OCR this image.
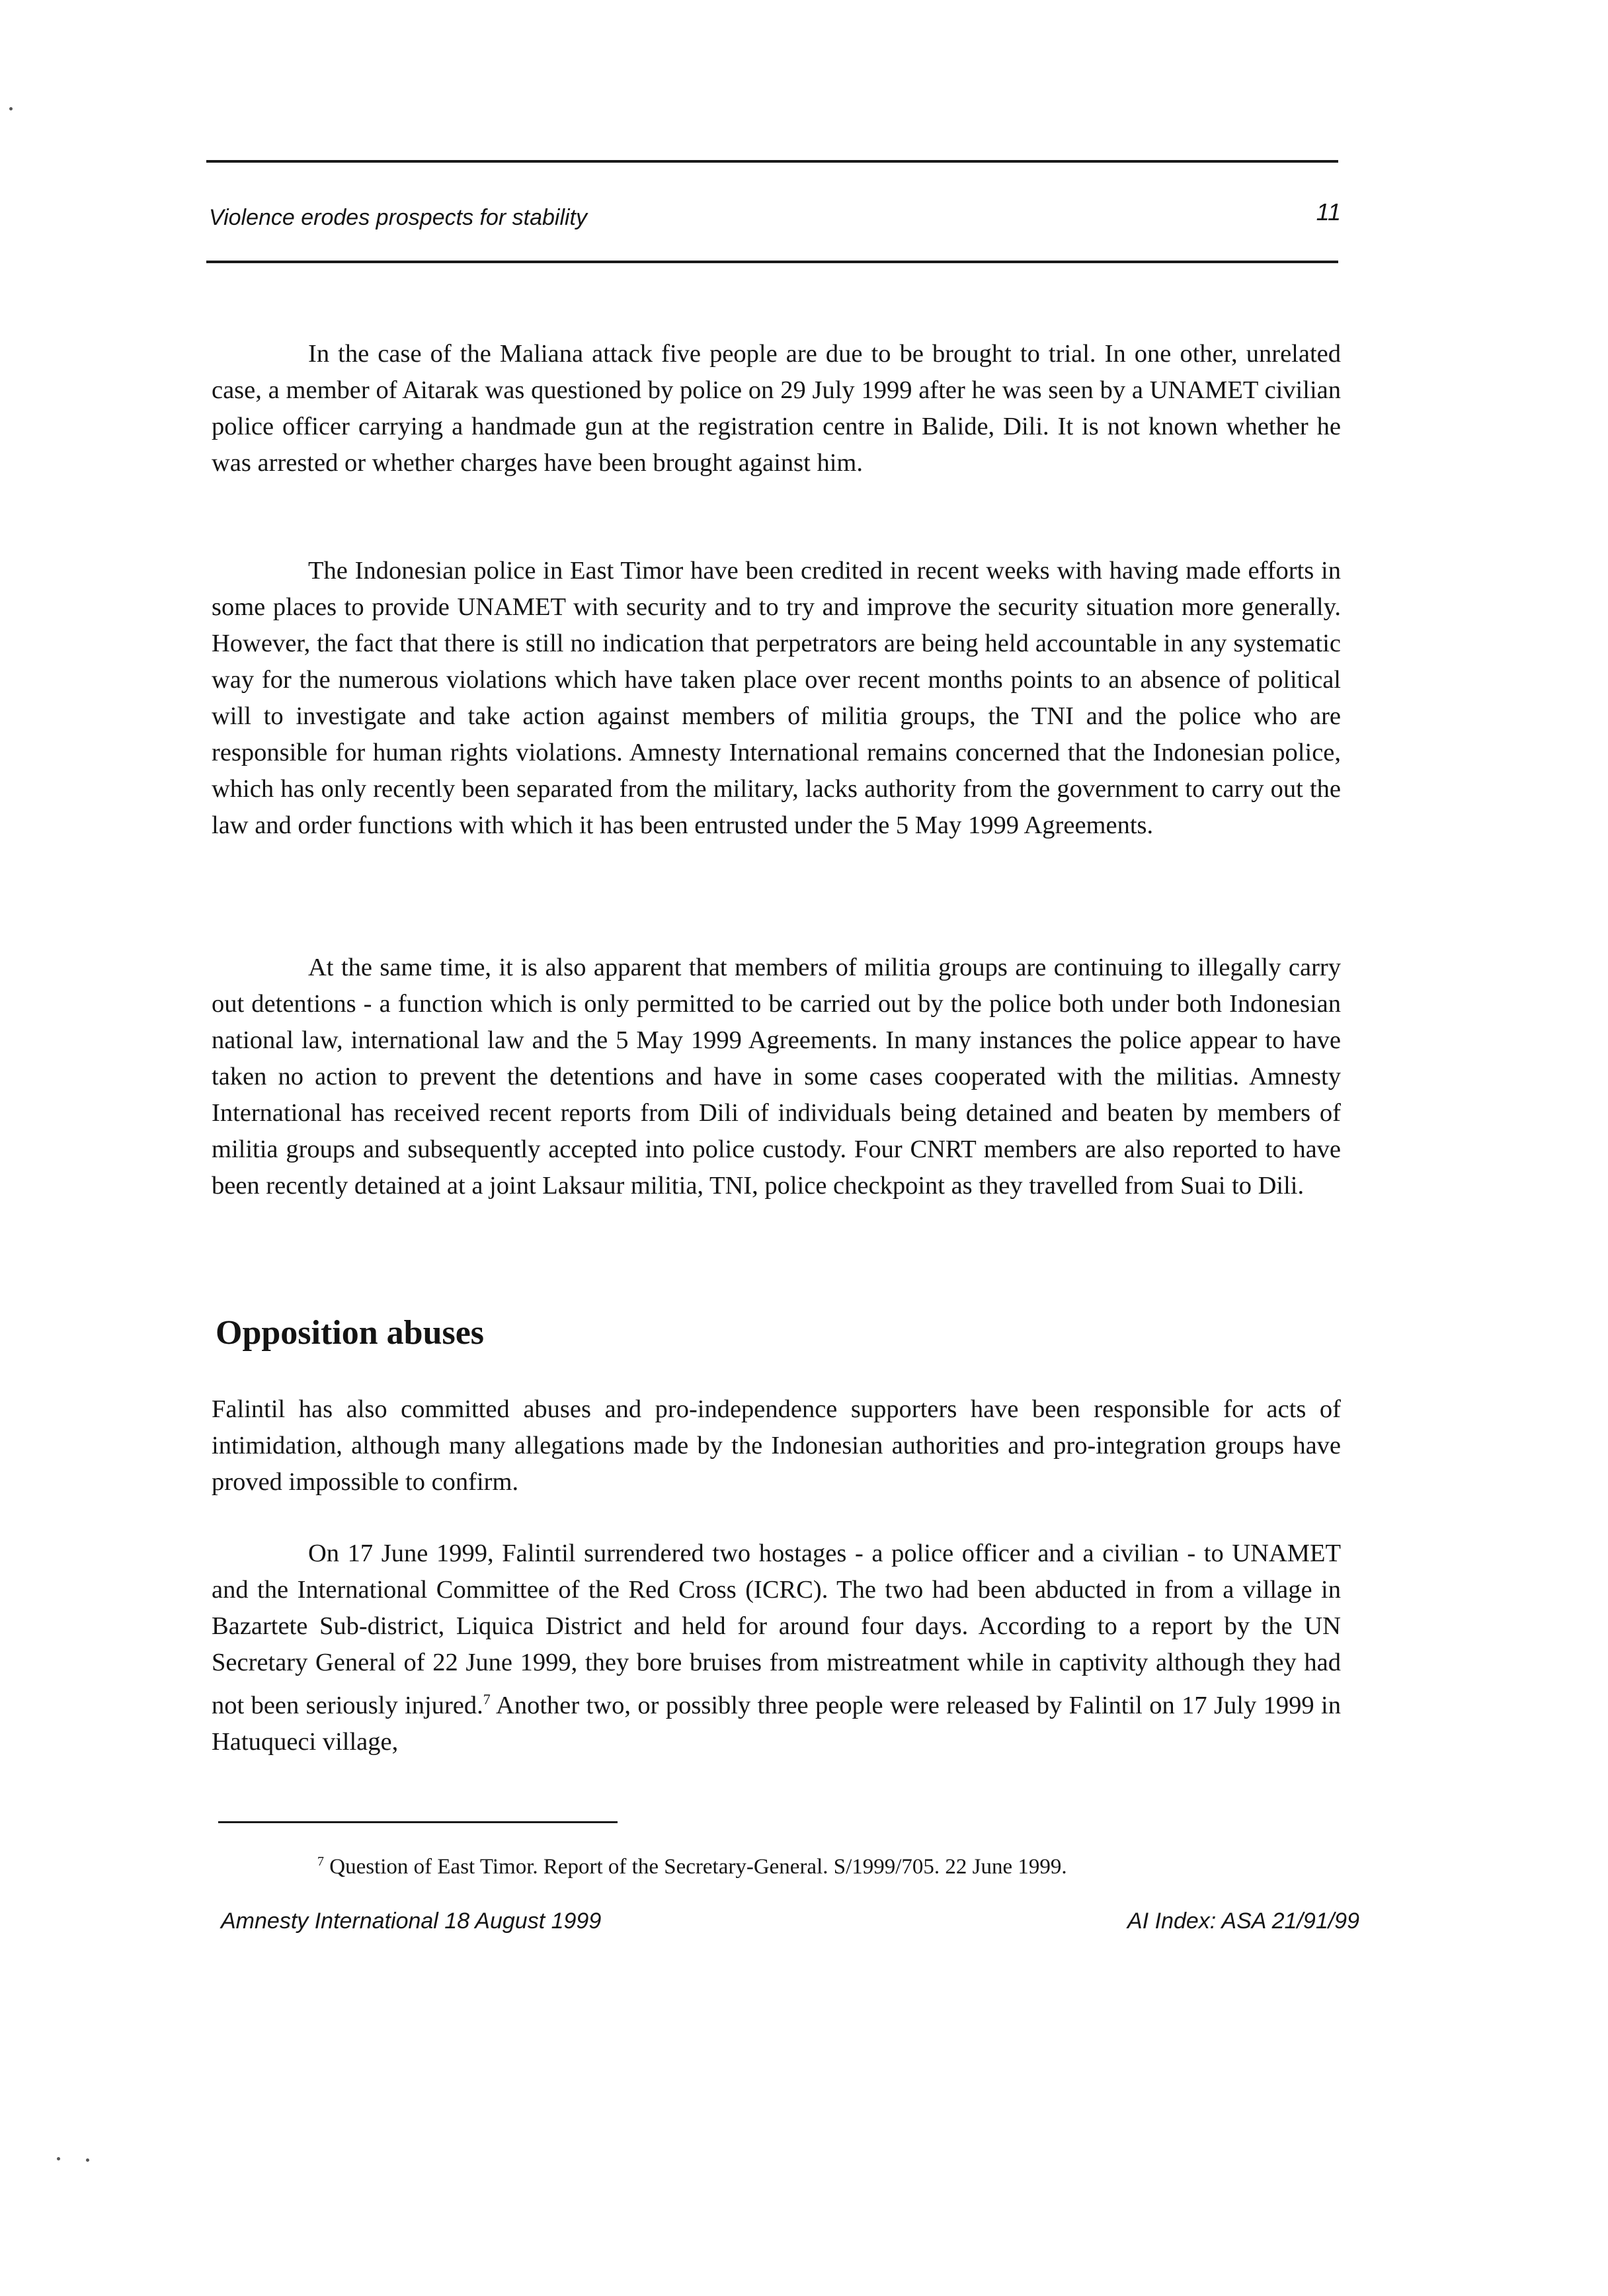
Violence erodes prospects for stability	11

In the case of the Maliana attack five people are due to be brought to trial. In one other, unrelated case, a member of Aitarak was questioned by police on 29 July 1999 after he was seen by a UNAMET civilian police officer carrying a handmade gun at the registration centre in Balide, Dili. It is not known whether he was arrested or whether charges have been brought against him.

The Indonesian police in East Timor have been credited in recent weeks with having made efforts in some places to provide UNAMET with security and to try and improve the security situation more generally. However, the fact that there is still no indication that perpetrators are being held accountable in any systematic way for the numerous violations which have taken place over recent months points to an absence of political will to investigate and take action against members of militia groups, the TNI and the police who are responsible for human rights violations. Amnesty International remains concerned that the Indonesian police, which has only recently been separated from the military, lacks authority from the government to carry out the law and order functions with which it has been entrusted under the 5 May 1999 Agreements.

At the same time, it is also apparent that members of militia groups are continuing to illegally carry out detentions - a function which is only permitted to be carried out by the police both under both Indonesian national law, international law and the 5 May 1999 Agreements. In many instances the police appear to have taken no action to prevent the detentions and have in some cases cooperated with the militias. Amnesty International has received recent reports from Dili of individuals being detained and beaten by members of militia groups and subsequently accepted into police custody. Four CNRT members are also reported to have been recently detained at a joint Laksaur militia, TNI, police checkpoint as they travelled from Suai to Dili.

Opposition abuses

Falintil has also committed abuses and pro-independence supporters have been responsible for acts of intimidation, although many allegations made by the Indonesian authorities and pro-integration groups have proved impossible to confirm.

On 17 June 1999, Falintil surrendered two hostages - a police officer and a civilian - to UNAMET and the International Committee of the Red Cross (ICRC). The two had been abducted in from a village in Bazartete Sub-district, Liquica District and held for around four days. According to a report by the UN Secretary General of 22 June 1999, they bore bruises from mistreatment while in captivity although they had not been seriously injured.$^7$ Another two, or possibly three people were released by Falintil on 17 July 1999 in Hatuqueci village,

$^7$ Question of East Timor. Report of the Secretary-General. S/1999/705. 22 June 1999.

Amnesty International 18 August 1999	AI Index: ASA 21/91/99
